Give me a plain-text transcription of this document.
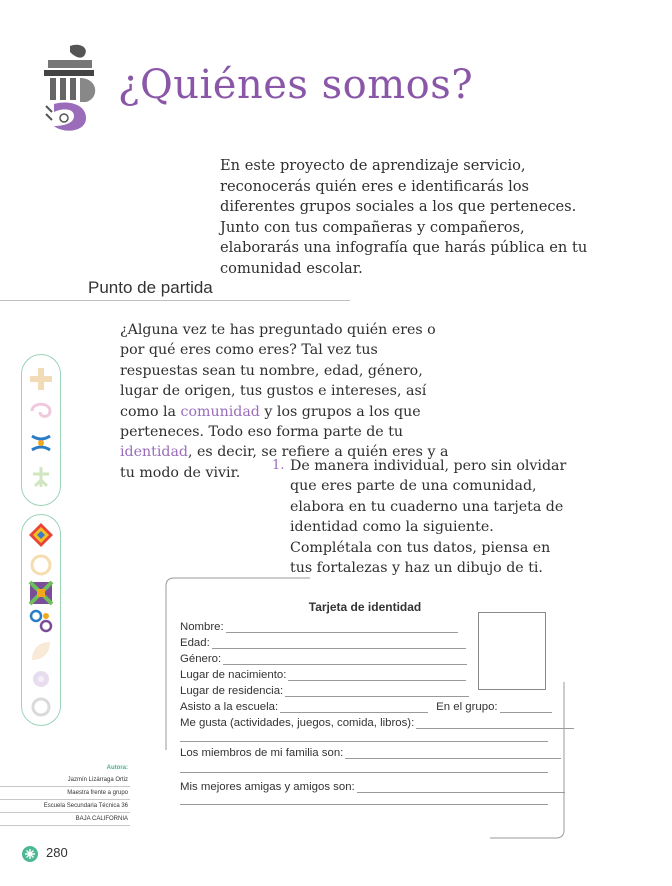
¿Quiénes somos?
En este proyecto de aprendizaje servicio, reconocerás quién eres e identificarás los diferentes grupos sociales a los que perteneces. Junto con tus compañeras y compañeros, elaborarás una infografía que harás pública en tu comunidad escolar.
Punto de partida
¿Alguna vez te has preguntado quién eres o por qué eres como eres? Tal vez tus respuestas sean tu nombre, edad, género, lugar de origen, tus gustos e intereses, así como la comunidad y los grupos a los que perteneces. Todo eso forma parte de tu identidad, es decir, se refiere a quién eres y a tu modo de vivir.	1. De manera individual, pero sin olvidar que eres parte de una comunidad, elabora en tu cuaderno una tarjeta de identidad como la siguiente. Complétala con tus datos, piensa en tus fortalezas y haz un dibujo de ti.
Tarjeta de identidad
Nombre:
Edad:
Género:
Lugar de nacimiento:
Lugar de residencia:
Asisto a la escuela:	En el grupo:
Me gusta (actividades, juegos, comida, libros):
Los miembros de mi familia son:
Mis mejores amigas y amigos son:
Autora:
Jazmín Lizárraga Ortiz
Maestra frente a grupo
Escuela Secundaria Técnica 36
BAJA CALIFORNIA
280
